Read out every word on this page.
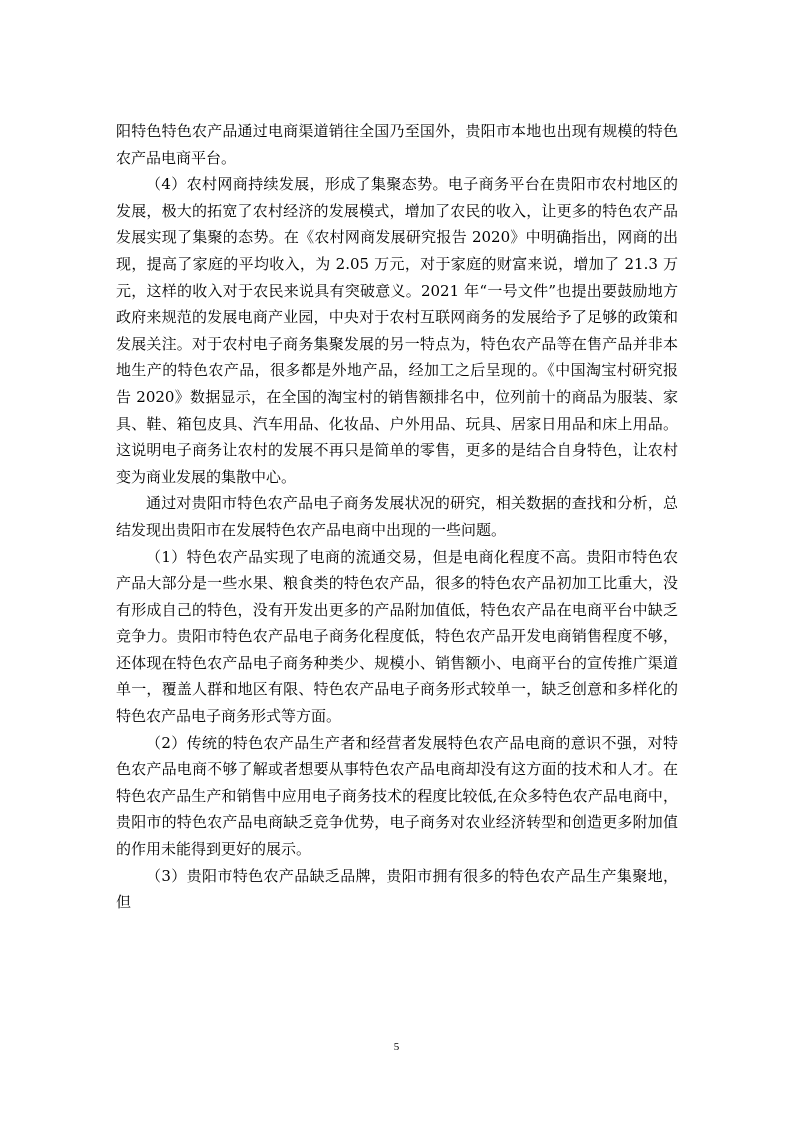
阳特色特色农产品通过电商渠道销往全国乃至国外，贵阳市本地也出现有规模的特色农产品电商平台。

（4）农村网商持续发展，形成了集聚态势。电子商务平台在贵阳市农村地区的发展，极大的拓宽了农村经济的发展模式，增加了农民的收入，让更多的特色农产品发展实现了集聚的态势。在《农村网商发展研究报告 2020》中明确指出，网商的出现，提高了家庭的平均收入，为 2.05 万元，对于家庭的财富来说，增加了 21.3 万元，这样的收入对于农民来说具有突破意义。2021 年“一号文件”也提出要鼓励地方政府来规范的发展电商产业园，中央对于农村互联网商务的发展给予了足够的政策和发展关注。对于农村电子商务集聚发展的另一特点为，特色农产品等在售产品并非本地生产的特色农产品，很多都是外地产品，经加工之后呈现的。《中国淘宝村研究报告 2020》数据显示，在全国的淘宝村的销售额排名中，位列前十的商品为服装、家具、鞋、箱包皮具、汽车用品、化妆品、户外用品、玩具、居家日用品和床上用品。这说明电子商务让农村的发展不再只是简单的零售，更多的是结合自身特色，让农村变为商业发展的集散中心。

通过对贵阳市特色农产品电子商务发展状况的研究，相关数据的查找和分析，总结发现出贵阳市在发展特色农产品电商中出现的一些问题。

（1）特色农产品实现了电商的流通交易，但是电商化程度不高。贵阳市特色农产品大部分是一些水果、粮食类的特色农产品，很多的特色农产品初加工比重大，没有形成自己的特色，没有开发出更多的产品附加值低，特色农产品在电商平台中缺乏竞争力。贵阳市特色农产品电子商务化程度低，特色农产品开发电商销售程度不够，还体现在特色农产品电子商务种类少、规模小、销售额小、电商平台的宣传推广渠道单一，覆盖人群和地区有限、特色农产品电子商务形式较单一，缺乏创意和多样化的特色农产品电子商务形式等方面。

（2）传统的特色农产品生产者和经营者发展特色农产品电商的意识不强，对特色农产品电商不够了解或者想要从事特色农产品电商却没有这方面的技术和人才。在特色农产品生产和销售中应用电子商务技术的程度比较低,在众多特色农产品电商中，贵阳市的特色农产品电商缺乏竞争优势，电子商务对农业经济转型和创造更多附加值的作用未能得到更好的展示。

（3）贵阳市特色农产品缺乏品牌，贵阳市拥有很多的特色农产品生产集聚地，但

5
